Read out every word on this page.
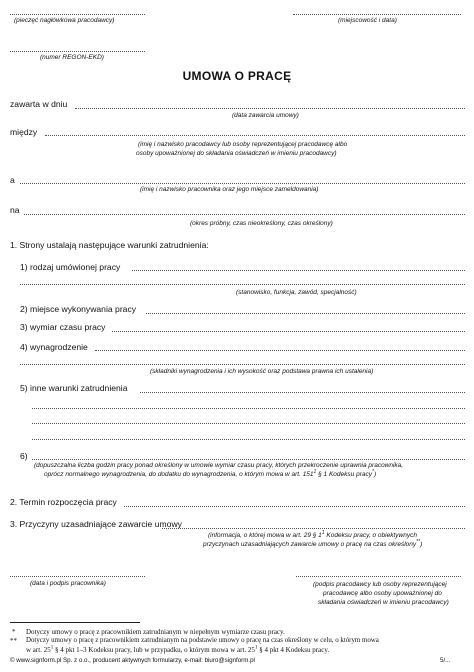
(pieczęć nagłówkowa pracodawcy)	(miejscowość i data)
(numer REGON-EKD)
UMOWA O PRACĘ
zawarta w dniu
(data zawarcia umowy)
między
(imię i nazwisko pracodawcy lub osoby reprezentującej pracodawcę albo
osoby upoważnionej do składania oświadczeń w imieniu pracodawcy)
a
(imię i nazwisko pracownika oraz jego miejsce zameldowania)
na
(okres próbny, czas nieokreślony, czas określony)
1. Strony ustalają następujące warunki zatrudnienia:
1) rodzaj umówionej pracy
(stanowisko, funkcja, zawód, specjalność)
2) miejsce wykonywania pracy
3) wymiar czasu pracy
4) wynagrodzenie
(składniki wynagrodzenia i ich wysokość oraz podstawa prawna ich ustalenia)
5) inne warunki zatrudnienia
6)
(dopuszczalna liczba godzin pracy ponad określony w umowie wymiar czasu pracy, których przekroczenie uprawnia pracownika,
oprócz normalnego wynagrodzenia, do dodatku do wynagrodzenia, o którym mowa w art. $151^1$ § 1 Kodeksu pracy*)
2. Termin rozpoczęcia pracy
3. Przyczyny uzasadniające zawarcie umowy
(informacja, o której mowa w art. 29 § $1^1$ Kodeksu pracy, o obiektywnych
przyczynach uzasadniających zawarcie umowy o pracę na czas określony**)
(data i podpis pracownika)	(podpis pracodawcy lub osoby reprezentującej
pracodawcę albo osoby upoważnionej do
składania oświadczeń w imieniu pracodawcy)
* Dotyczy umowy o pracę z pracownikiem zatrudnianym w niepełnym wymiarze czasu pracy.
** Dotyczy umowy o pracę z pracownikiem zatrudnianym na podstawie umowy o pracę na czas określony w celu, o którym mowa
w art. $25^1$ § 4 pkt 1–3 Kodeksu pracy, lub w przypadku, o którym mowa w art. $25^1$ § 4 pkt 4 Kodeksu pracy.
© www.signform.pl Sp. z o.o., producent aktywnych formularzy, e-mail: biuro@signform.pl	5/...
